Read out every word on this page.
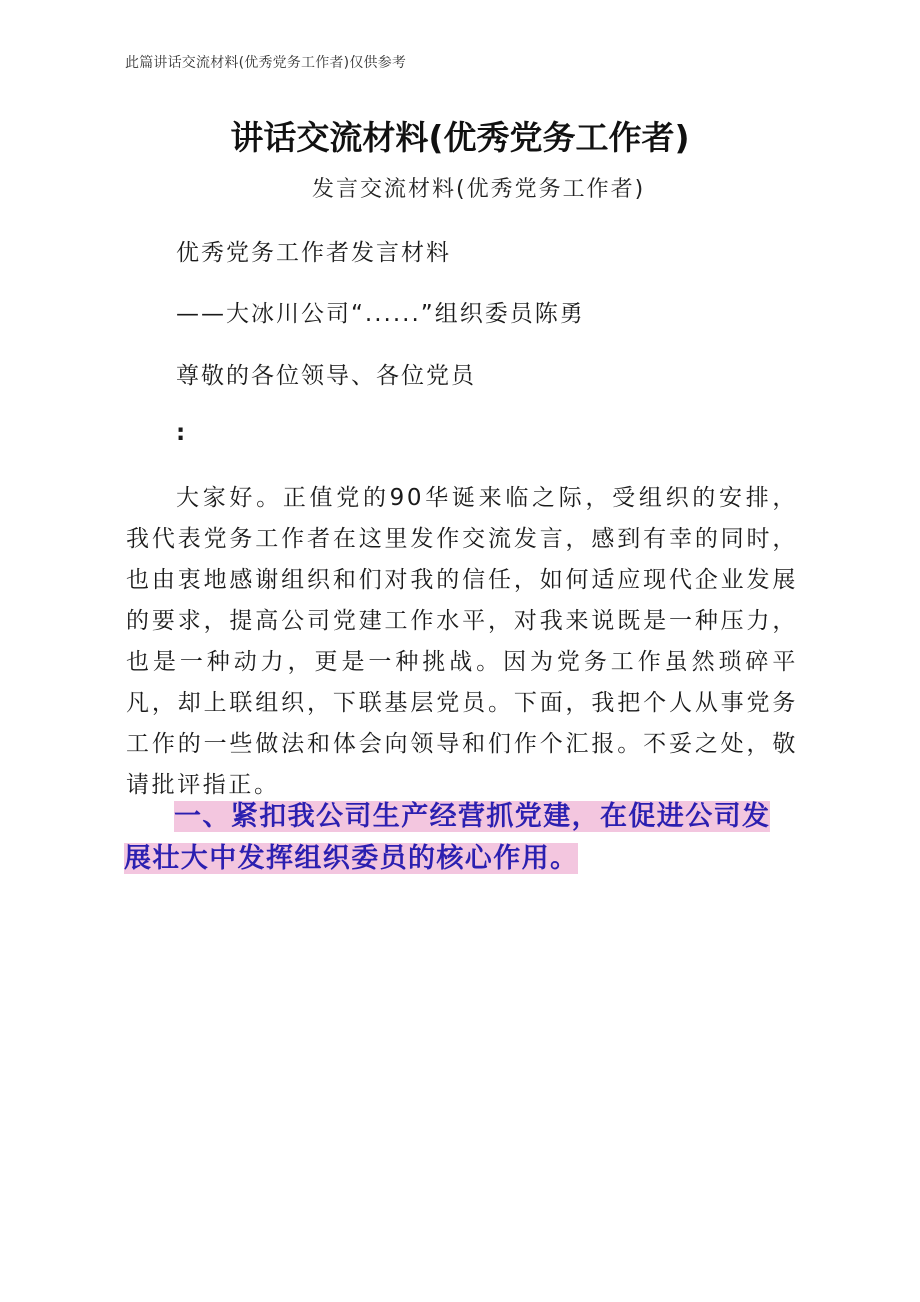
此篇讲话交流材料(优秀党务工作者)仅供参考
讲话交流材料(优秀党务工作者)
发言交流材料(优秀党务工作者)
优秀党务工作者发言材料
——大冰川公司“......”组织委员陈勇
尊敬的各位领导、各位党员
:

大家好。正值党的90华诞来临之际，受组织的安排，我代表党务工作者在这里发作交流发言，感到有幸的同时，也由衷地感谢组织和们对我的信任，如何适应现代企业发展的要求，提高公司党建工作水平，对我来说既是一种压力，也是一种动力，更是一种挑战。因为党务工作虽然琐碎平凡，却上联组织，下联基层党员。下面，我把个人从事党务工作的一些做法和体会向领导和们作个汇报。不妥之处，敬请批评指正。

一、紧扣我公司生产经营抓党建，在促进公司发展壮大中发挥组织委员的核心作用。
